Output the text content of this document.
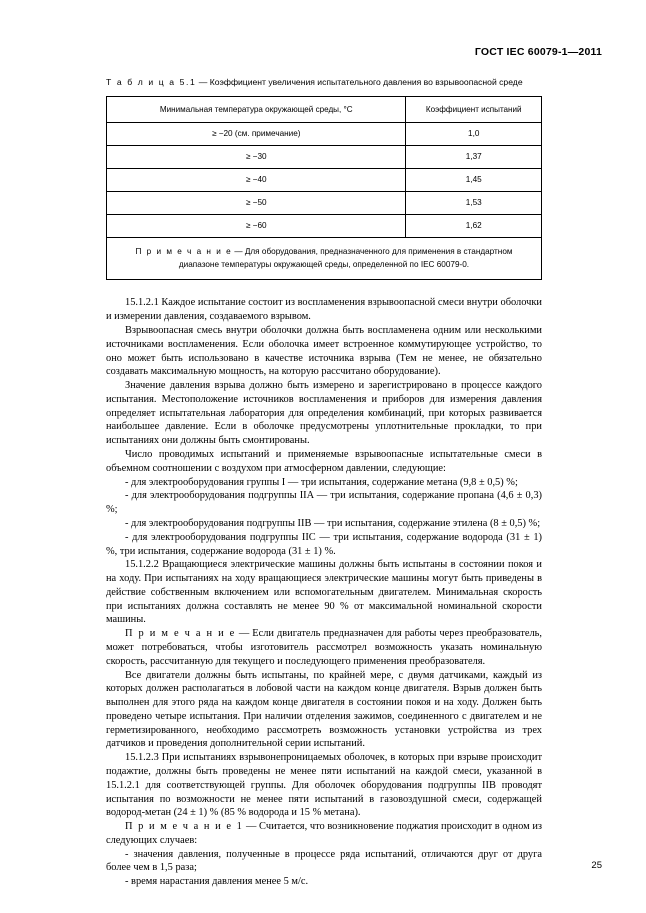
ГОСТ IEC 60079-1—2011
Т а б л и ц а 5.1 — Коэффициент увеличения испытательного давления во взрывоопасной среде
Минимальная температура окружающей среды, °С	Коэффициент испытаний
≥ −20 (см. примечание)	1,0
≥ −30	1,37
≥ −40	1,45
≥ −50	1,53
≥ −60	1,62
П р и м е ч а н и е — Для оборудования, предназначенного для применения в стандартном диапазоне температуры окружающей среды, определенной по IEC 60079-0.	

15.1.2.1 Каждое испытание состоит из воспламенения взрывоопасной смеси внутри оболочки и измерении давления, создаваемого взрывом.

Взрывоопасная смесь внутри оболочки должна быть воспламенена одним или несколькими источниками воспламенения. Если оболочка имеет встроенное коммутирующее устройство, то оно может быть использовано в качестве источника взрыва (Тем не менее, не обязательно создавать максимальную мощность, на которую рассчитано оборудование).

Значение давления взрыва должно быть измерено и зарегистрировано в процессе каждого испытания. Местоположение источников воспламенения и приборов для измерения давления определяет испытательная лаборатория для определения комбинаций, при которых развивается наибольшее давление. Если в оболочке предусмотрены уплотнительные прокладки, то при испытаниях они должны быть смонтированы.

Число проводимых испытаний и применяемые взрывоопасные испытательные смеси в объемном соотношении с воздухом при атмосферном давлении, следующие:

- для электрооборудования группы I — три испытания, содержание метана (9,8 ± 0,5) %;

- для электрооборудования подгруппы IIA — три испытания, содержание пропана (4,6 ± 0,3) %;

- для электрооборудования подгруппы IIB — три испытания, содержание этилена (8 ± 0,5) %;

- для электрооборудования подгруппы IIC — три испытания, содержание водорода (31 ± 1) %, три испытания, содержание водорода (31 ± 1) %.

15.1.2.2 Вращающиеся электрические машины должны быть испытаны в состоянии покоя и на ходу. При испытаниях на ходу вращающиеся электрические машины могут быть приведены в действие собственным включением или вспомогательным двигателем. Минимальная скорость при испытаниях должна составлять не менее 90 % от максимальной номинальной скорости машины.

П р и м е ч а н и е — Если двигатель предназначен для работы через преобразователь, может потребоваться, чтобы изготовитель рассмотрел возможность указать номинальную скорость, рассчитанную для текущего и последующего применения преобразователя.

Все двигатели должны быть испытаны, по крайней мере, с двумя датчиками, каждый из которых должен располагаться в лобовой части на каждом конце двигателя. Взрыв должен быть выполнен для этого ряда на каждом конце двигателя в состоянии покоя и на ходу. Должен быть проведено четыре испытания. При наличии отделения зажимов, соединенного с двигателем и не герметизированного, необходимо рассмотреть возможность установки устройства из трех датчиков и проведения дополнительной серии испытаний.

15.1.2.3 При испытаниях взрывонепроницаемых оболочек, в которых при взрыве происходит подажтие, должны быть проведены не менее пяти испытаний на каждой смеси, указанной в 15.1.2.1 для соответствующей группы. Для оболочек оборудования подгруппы IIB проводят испытания по возможности не менее пяти испытаний в газовоздушной смеси, содержащей водород-метан (24 ± 1) % (85 % водорода и 15 % метана).

П р и м е ч а н и е 1 — Считается, что возникновение поджатия происходит в одном из следующих случаев:

- значения давления, полученные в процессе ряда испытаний, отличаются друг от друга более чем в 1,5 раза;

- время нарастания давления менее 5 м/с.

25
